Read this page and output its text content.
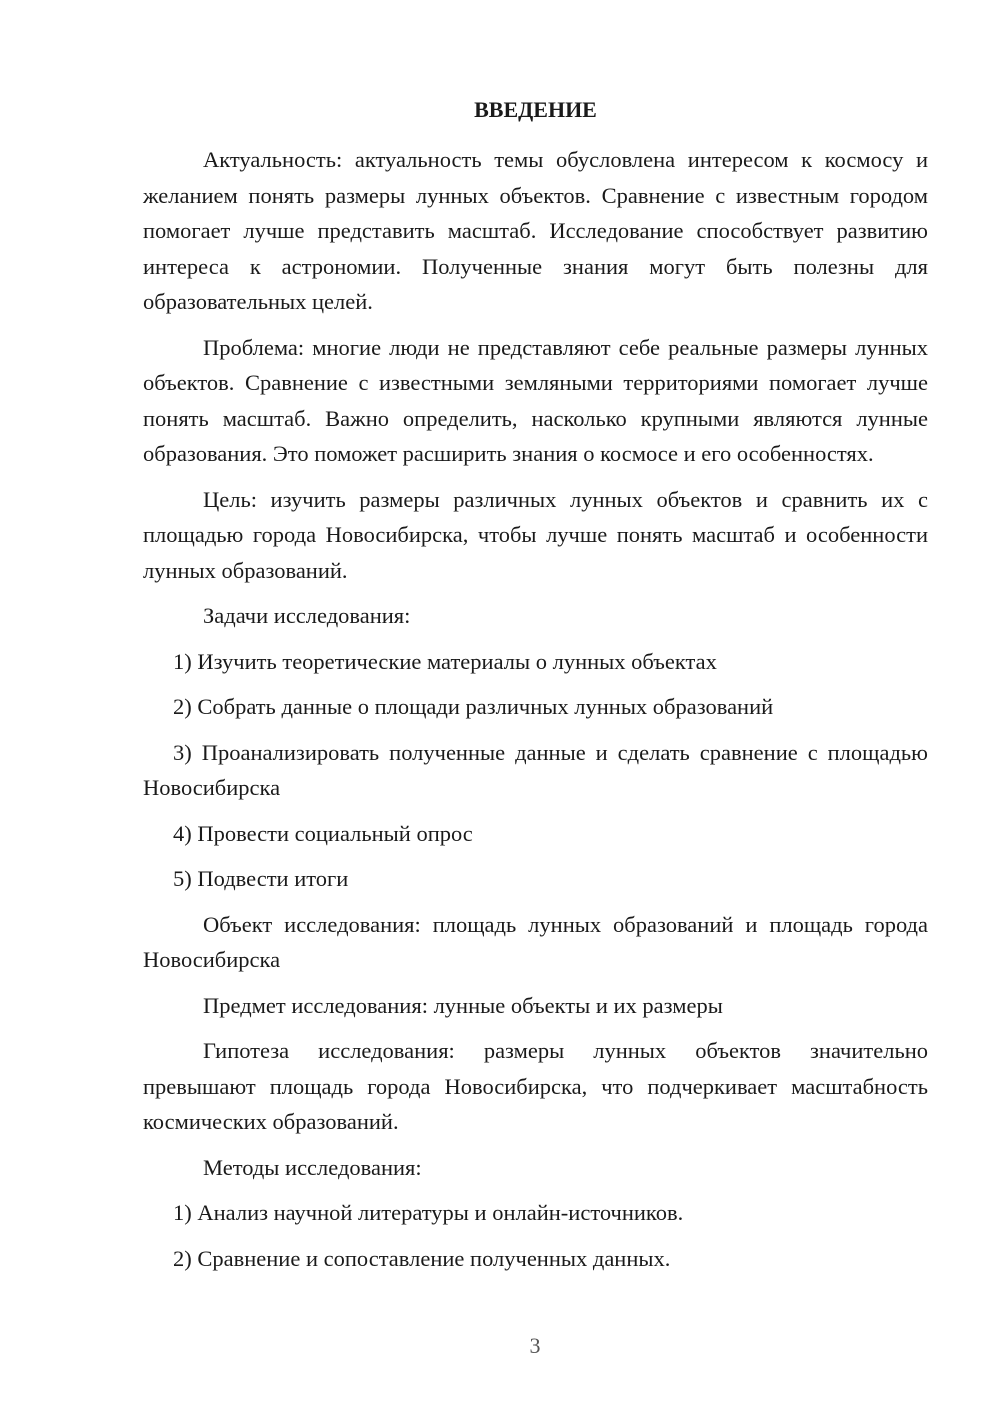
ВВЕДЕНИЕ

Актуальность: актуальность темы обусловлена интересом к космосу и желанием понять размеры лунных объектов. Сравнение с известным городом помогает лучше представить масштаб. Исследование способствует развитию интереса к астрономии. Полученные знания могут быть полезны для образовательных целей.

Проблема: многие люди не представляют себе реальные размеры лунных объектов. Сравнение с известными земляными территориями помогает лучше понять масштаб. Важно определить, насколько крупными являются лунные образования. Это поможет расширить знания о космосе и его особенностях.

Цель: изучить размеры различных лунных объектов и сравнить их с площадью города Новосибирска, чтобы лучше понять масштаб и особенности лунных образований.

Задачи исследования:

1) Изучить теоретические материалы о лунных объектах

2) Собрать данные о площади различных лунных образований

3) Проанализировать полученные данные и сделать сравнение с площадью Новосибирска

4) Провести социальный опрос

5) Подвести итоги

Объект исследования: площадь лунных образований и площадь города Новосибирска

Предмет исследования: лунные объекты и их размеры

Гипотеза исследования: размеры лунных объектов значительно превышают площадь города Новосибирска, что подчеркивает масштабность космических образований.

Методы исследования:

1) Анализ научной литературы и онлайн-источников.

2) Сравнение и сопоставление полученных данных.

3
